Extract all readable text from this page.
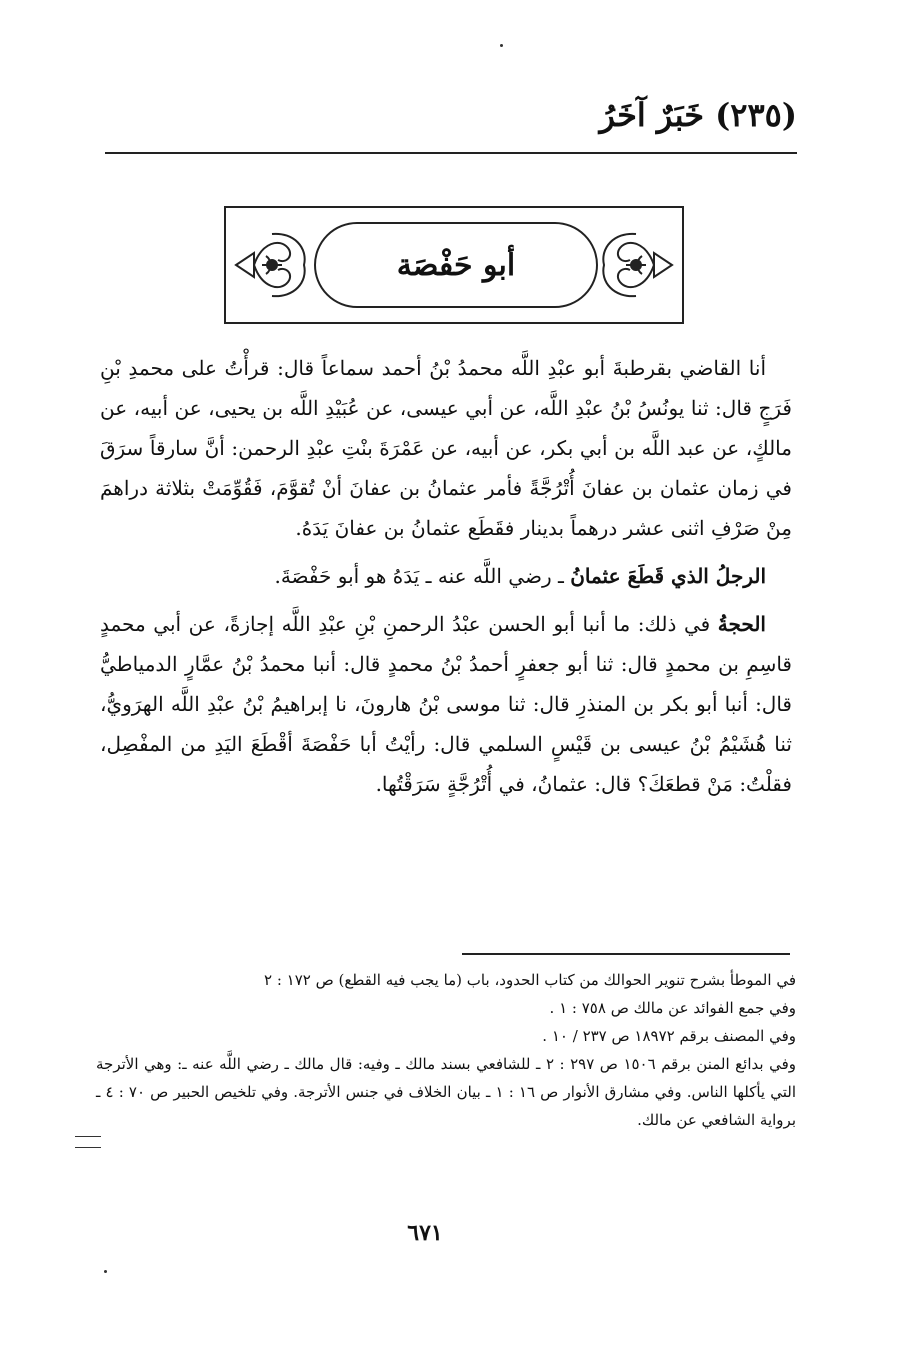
(٢٣٥) خَبَرٌ آخَرُ
أبو حَفْصَة

أنا القاضي بقرطبةَ أبو عبْدِ اللَّه محمدُ بْنُ أحمد سماعاً قال: قرأْتُ على محمدِ بْنِ فَرَجٍ قال: ثنا يونُسُ بْنُ عبْدِ اللَّه، عن أبي عيسى، عن عُبَيْدِ اللَّه بن يحيى، عن أبيه، عن مالكٍ، عن عبد اللَّه بن أبي بكر، عن أبيه، عن عَمْرَةَ بنْتِ عبْدِ الرحمن: أنَّ سارقاً سرَقَ في زمان عثمان بن عفانَ أُتْرُجَّةً فأمر عثمانُ بن عفانَ أنْ تُقوَّمَ، فَقُوِّمَتْ بثلاثة دراهمَ مِنْ صَرْفِ اثنى عشر درهماً بدينار فقَطَع عثمانُ بن عفانَ يَدَهُ.

الرجلُ الذي قَطَعَ عثمانُ ـ رضي اللَّه عنه ـ يَدَهُ هو أبو حَفْصَةَ.

الحجةُ في ذلك: ما أنبا أبو الحسن عبْدُ الرحمنِ بْنِ عبْدِ اللَّه إجازةً، عن أبي محمدٍ قاسِمِ بن محمدٍ قال: ثنا أبو جعفرٍ أحمدُ بْنُ محمدٍ قال: أنبا محمدُ بْنُ عمَّارٍ الدمياطيُّ قال: أنبا أبو بكر بن المنذرِ قال: ثنا موسى بْنُ هارونَ، نا إبراهيمُ بْنُ عبْدِ اللَّه الهرَويُّ، ثنا هُشَيْمُ بْنُ عيسى بن قَيْسٍ السلمي قال: رأيْتُ أبا حَفْصَةَ أقْطَعَ اليَدِ من المفْصِل، فقلْتُ: مَنْ قطعَكَ؟ قال: عثمانُ، في أُتْرُجَّةٍ سَرَقْتُها.

في الموطأ بشرح تنوير الحوالك من كتاب الحدود، باب (ما يجب فيه القطع) ص ١٧٢ : ٢

وفي جمع الفوائد عن مالك ص ٧٥٨ : ١ .

وفي المصنف برقم ١٨٩٧٢ ص ٢٣٧ / ١٠ .

وفي بدائع المنن برقم ١٥٠٦ ص ٢٩٧ : ٢ ـ للشافعي بسند مالك ـ وفيه: قال مالك ـ رضي اللَّه عنه ـ: وهي الأترجة التي يأكلها الناس. وفي مشارق الأنوار ص ١٦ : ١ ـ بيان الخلاف في جنس الأترجة. وفي تلخيص الحبير ص ٧٠ : ٤ ـ برواية الشافعي عن مالك.

٦٧١
